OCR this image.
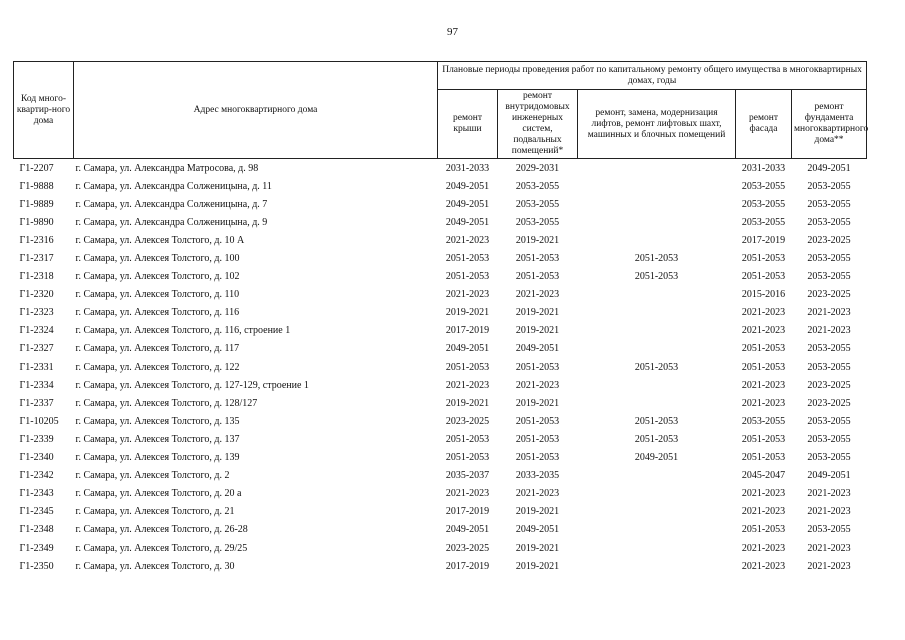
97
Код много-квартир-ного дома	Адрес многоквартирного дома	Плановые периоды проведения работ по капитальному ремонту общего имущества в многоквартирных домах, годы				
		ремонт крыши	ремонт внутридомовых инженерных систем, подвальных помещений*	ремонт, замена, модернизация лифтов, ремонт лифтовых шахт, машинных и блочных помещений	ремонт фасада	ремонт фундамента многоквартирного дома**
Г1-2207	г. Самара, ул. Александра Матросова, д. 98	2031-2033	2029-2031		2031-2033	2049-2051
Г1-9888	г. Самара, ул. Александра Солженицына, д. 11	2049-2051	2053-2055		2053-2055	2053-2055
Г1-9889	г. Самара, ул. Александра Солженицына, д. 7	2049-2051	2053-2055		2053-2055	2053-2055
Г1-9890	г. Самара, ул. Александра Солженицына, д. 9	2049-2051	2053-2055		2053-2055	2053-2055
Г1-2316	г. Самара, ул. Алексея Толстого, д. 10 А	2021-2023	2019-2021		2017-2019	2023-2025
Г1-2317	г. Самара, ул. Алексея Толстого, д. 100	2051-2053	2051-2053	2051-2053	2051-2053	2053-2055
Г1-2318	г. Самара, ул. Алексея Толстого, д. 102	2051-2053	2051-2053	2051-2053	2051-2053	2053-2055
Г1-2320	г. Самара, ул. Алексея Толстого, д. 110	2021-2023	2021-2023		2015-2016	2023-2025
Г1-2323	г. Самара, ул. Алексея Толстого, д. 116	2019-2021	2019-2021		2021-2023	2021-2023
Г1-2324	г. Самара, ул. Алексея Толстого, д. 116, строение 1	2017-2019	2019-2021		2021-2023	2021-2023
Г1-2327	г. Самара, ул. Алексея Толстого, д. 117	2049-2051	2049-2051		2051-2053	2053-2055
Г1-2331	г. Самара, ул. Алексея Толстого, д. 122	2051-2053	2051-2053	2051-2053	2051-2053	2053-2055
Г1-2334	г. Самара, ул. Алексея Толстого, д. 127-129, строение 1	2021-2023	2021-2023		2021-2023	2023-2025
Г1-2337	г. Самара, ул. Алексея Толстого, д. 128/127	2019-2021	2019-2021		2021-2023	2023-2025
Г1-10205	г. Самара, ул. Алексея Толстого, д. 135	2023-2025	2051-2053	2051-2053	2053-2055	2053-2055
Г1-2339	г. Самара, ул. Алексея Толстого, д. 137	2051-2053	2051-2053	2051-2053	2051-2053	2053-2055
Г1-2340	г. Самара, ул. Алексея Толстого, д. 139	2051-2053	2051-2053	2049-2051	2051-2053	2053-2055
Г1-2342	г. Самара, ул. Алексея Толстого, д. 2	2035-2037	2033-2035		2045-2047	2049-2051
Г1-2343	г. Самара, ул. Алексея Толстого, д. 20 а	2021-2023	2021-2023		2021-2023	2021-2023
Г1-2345	г. Самара, ул. Алексея Толстого, д. 21	2017-2019	2019-2021		2021-2023	2021-2023
Г1-2348	г. Самара, ул. Алексея Толстого, д. 26-28	2049-2051	2049-2051		2051-2053	2053-2055
Г1-2349	г. Самара, ул. Алексея Толстого, д. 29/25	2023-2025	2019-2021		2021-2023	2021-2023
Г1-2350	г. Самара, ул. Алексея Толстого, д. 30	2017-2019	2019-2021		2021-2023	2021-2023
